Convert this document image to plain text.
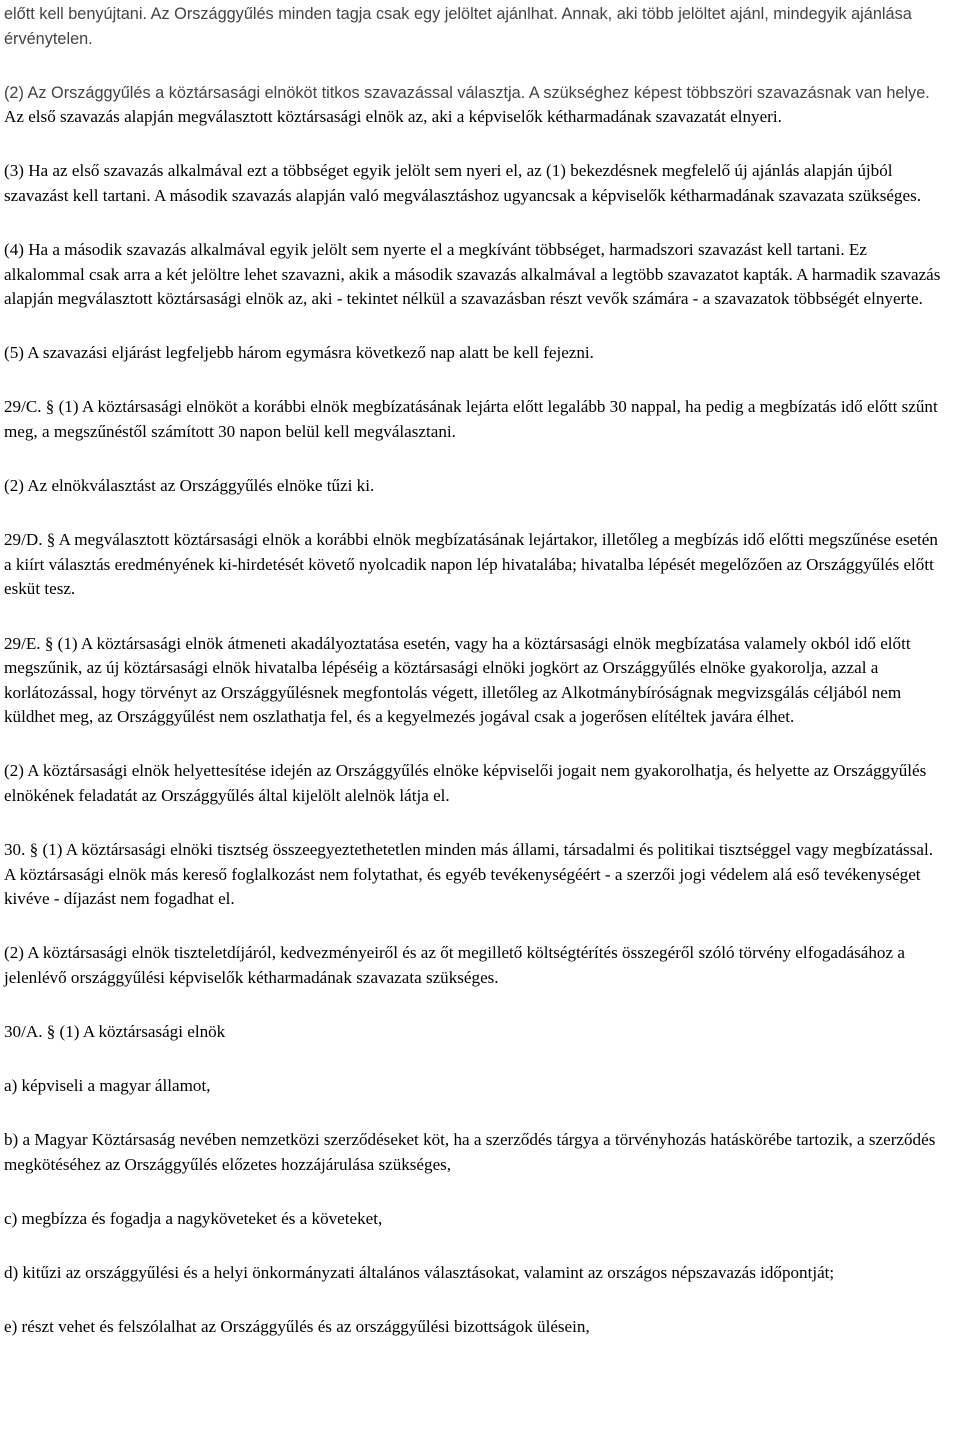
előtt kell benyújtani. Az Országgyűlés minden tagja csak egy jelöltet ajánlhat. Annak, aki több jelöltet ajánl, mindegyik ajánlása érvénytelen.

(2) Az Országgyűlés a köztársasági elnököt titkos szavazással választja. A szükséghez képest többszöri szavazásnak van helye. Az első szavazás alapján megválasztott köztársasági elnök az, aki a képviselők kétharmadának szavazatát elnyeri.

(3) Ha az első szavazás alkalmával ezt a többséget egyik jelölt sem nyeri el, az (1) bekezdésnek megfelelő új ajánlás alapján újból szavazást kell tartani. A második szavazás alapján való megválasztáshoz ugyancsak a képviselők kétharmadának szavazata szükséges.

(4) Ha a második szavazás alkalmával egyik jelölt sem nyerte el a megkívánt többséget, harmadszori szavazást kell tartani. Ez alkalommal csak arra a két jelöltre lehet szavazni, akik a második szavazás alkalmával a legtöbb szavazatot kapták. A harmadik szavazás alapján megválasztott köztársasági elnök az, aki - tekintet nélkül a szavazásban részt vevők számára - a szavazatok többségét elnyerte.

(5) A szavazási eljárást legfeljebb három egymásra következő nap alatt be kell fejezni.

29/C. § (1) A köztársasági elnököt a korábbi elnök megbízatásának lejárta előtt legalább 30 nappal, ha pedig a megbízatás idő előtt szűnt meg, a megszűnéstől számított 30 napon belül kell megválasztani.

(2) Az elnökválasztást az Országgyűlés elnöke tűzi ki.

29/D. § A megválasztott köztársasági elnök a korábbi elnök megbízatásának lejártakor, illetőleg a megbízás idő előtti megszűnése esetén a kiírt választás eredményének ki-hirdetését követő nyolcadik napon lép hivatalába; hivatalba lépését megelőzően az Országgyűlés előtt esküt tesz.

29/E. § (1) A köztársasági elnök átmeneti akadályoztatása esetén, vagy ha a köztársasági elnök megbízatása valamely okból idő előtt megszűnik, az új köztársasági elnök hivatalba lépéséig a köztársasági elnöki jogkört az Országgyűlés elnöke gyakorolja, azzal a korlátozással, hogy törvényt az Országgyűlésnek megfontolás végett, illetőleg az Alkotmánybíróságnak megvizsgálás céljából nem küldhet meg, az Országgyűlést nem oszlathatja fel, és a kegyelmezés jogával csak a jogerősen elítéltek javára élhet.

(2) A köztársasági elnök helyettesítése idején az Országgyűlés elnöke képviselői jogait nem gyakorolhatja, és helyette az Országgyűlés elnökének feladatát az Országgyűlés által kijelölt alelnök látja el.

30. § (1) A köztársasági elnöki tisztség összeegyeztethetetlen minden más állami, társadalmi és politikai tisztséggel vagy megbízatással. A köztársasági elnök más kereső foglalkozást nem folytathat, és egyéb tevékenységéért - a szerzői jogi védelem alá eső tevékenységet kivéve - díjazást nem fogadhat el.

(2) A köztársasági elnök tiszteletdíjáról, kedvezményeiről és az őt megillető költségtérítés összegéről szóló törvény elfogadásához a jelenlévő országgyűlési képviselők kétharmadának szavazata szükséges.

30/A. § (1) A köztársasági elnök

a) képviseli a magyar államot,

b) a Magyar Köztársaság nevében nemzetközi szerződéseket köt, ha a szerződés tárgya a törvényhozás hatáskörébe tartozik, a szerződés megkötéséhez az Országgyűlés előzetes hozzájárulása szükséges,

c) megbízza és fogadja a nagyköveteket és a követeket,

d) kitűzi az országgyűlési és a helyi önkormányzati általános választásokat, valamint az országos népszavazás időpontját;

e) részt vehet és felszólalhat az Országgyűlés és az országgyűlési bizottságok ülésein,
